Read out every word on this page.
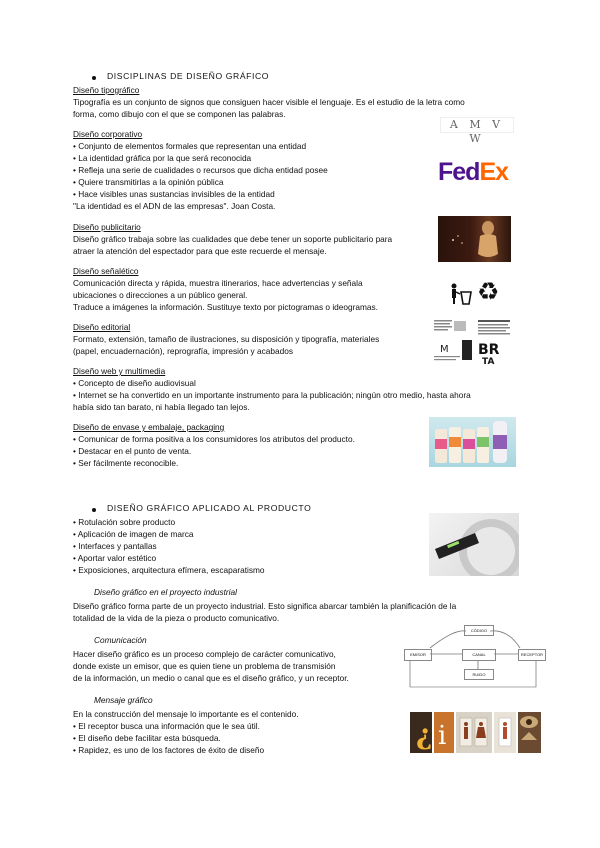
DISCIPLINAS DE DISEÑO GRÁFICO
Diseño tipográfico
Tipografía es un conjunto de signos que consiguen hacer visible el lenguaje. Es el estudio de la letra como
forma, como dibujo con el que se componen las palabras.
A M V W
Diseño corporativo
• Conjunto de elementos formales que representan una entidad
• La identidad gráfica por la que será reconocida
• Refleja una serie de cualidades o recursos que dicha entidad posee
• Quiere transmitirlas a la opinión pública
• Hace visibles unas sustancias invisibles de la entidad
"La identidad es el ADN de las empresas". Joan Costa.
FedEx
Diseño publicitario
Diseño gráfico trabaja sobre las cualidades que debe tener un soporte publicitario para
atraer la atención del espectador para que este recuerde el mensaje.
Diseño señalético
Comunicación directa y rápida, muestra itinerarios, hace advertencias y señala
ubicaciones o direcciones a un público general.
Traduce a imágenes la información. Sustituye texto por pictogramas o ideogramas.
♻
Diseño editorial
Formato, extensión, tamaño de ilustraciones, su disposición y tipografía, materiales
(papel, encuadernación), reprografía, impresión y acabados	M BR
TA
Diseño web y multimedia
• Concepto de diseño audiovisual
• Internet se ha convertido en un importante instrumento para la publicación; ningún otro medio, hasta ahora
había sido tan barato, ni había llegado tan lejos.
Diseño de envase y embalaje, packaging
• Comunicar de forma positiva a los consumidores los atributos del producto.
• Destacar en el punto de venta.
• Ser fácilmente reconocible.
DISEÑO GRÁFICO APLICADO AL PRODUCTO
• Rotulación sobre producto
• Aplicación de imagen de marca
• Interfaces y pantallas
• Aportar valor estético
• Exposiciones, arquitectura efímera, escaparatismo
Diseño gráfico en el proyecto industrial
Diseño gráfico forma parte de un proyecto industrial. Esto significa abarcar también la planificación de la
totalidad de la vida de la pieza o producto comunicativo.
Comunicación
Hacer diseño gráfico es un proceso complejo de carácter comunicativo,
donde existe un emisor, que es quien tiene un problema de transmisión
de la información, un medio o canal que es el diseño gráfico, y un receptor.
CÓDIGO
EMISOR	CANAL	RECEPTOR
RUIDO
Mensaje gráfico
En la construcción del mensaje lo importante es el contenido.
• El receptor busca una información que le sea útil.
• El diseño debe facilitar esta búsqueda.
• Rapidez, es uno de los factores de éxito de diseño	¿ i
